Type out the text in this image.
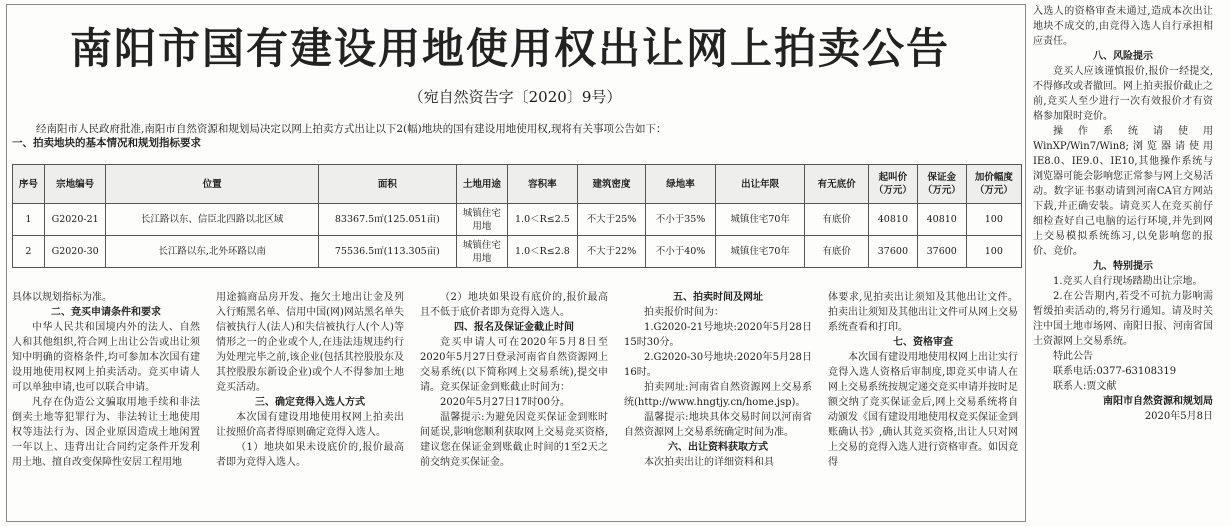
南阳市国有建设用地使用权出让网上拍卖公告
（宛自然资告字〔2020〕9号）
经南阳市人民政府批准,南阳市自然资源和规划局决定以网上拍卖方式出让以下2(幅)地块的国有建设用地使用权,现将有关事项公告如下：
一、拍卖地块的基本情况和规划指标要求
序号	宗地编号	位置	面积	土地用途	容积率	建筑密度	绿地率	出让年限	有无底价	起叫价（万元）	保证金（万元）	加价幅度（万元）
1	G2020-21	长江路以东、信臣北四路以北区域	83367.5㎡(125.051亩)	城镇住宅用地	1.0＜R≤2.5	不大于25%	不小于35%	城镇住宅70年	有底价	40810	40810	100
2	G2020-30	长江路以东,北外环路以南	75536.5㎡(113.305亩)	城镇住宅用地	1.0＜R≤2.8	不大于22%	不小于40%	城镇住宅70年	有底价	37600	37600	100

具体以规划指标为准。

二、竞买申请条件和要求

中华人民共和国境内外的法人、自然人和其他组织,符合网上出让公告或出让须知中明确的资格条件,均可参加本次国有建设用地使用权网上拍卖活动。竞买申请人可以单独申请,也可以联合申请。

凡存在伪造公文骗取用地手续和非法倒卖土地等犯罪行为、非法转让土地使用权等违法行为、因企业原因造成土地闲置一年以上、违背出让合同约定条件开发利用土地、擅自改变保障性安居工程用地

用途搞商品房开发、拖欠土地出让金及列入行贿黑名单、信用中国(网)网站黑名单失信被执行人(法人)和失信被执行人(个人)等情形之一的企业或个人,在违法违规违约行为处理完毕之前,该企业(包括其控股股东及其控股股东新设企业)或个人不得参加土地竞买活动。

三、确定竞得入选人方式

本次国有建设用地使用权网上拍卖出让按照价高者得原则确定竞得入选人。

（1）地块如果未设底价的,报价最高者即为竞得入选人。

（2）地块如果设有底价的,报价最高且不低于底价者即为竞得入选人。

四、报名及保证金截止时间

竞买申请人可在2020年5月8日至2020年5月27日登录河南省自然资源网上交易系统(以下简称网上交易系统),提交申请。竞买保证金到账截止时间为：

2020年5月27日17时00分。

温馨提示:为避免因竞买保证金到账时间延误,影响您顺利获取网上交易竞买资格,建议您在保证金到账截止时间的1至2天之前交纳竞买保证金。

五、拍卖时间及网址

拍卖报价时间为：

1.G2020-21号地块:2020年5月28日15时30分。

2.G2020-30号地块:2020年5月28日16时。

拍卖网址:河南省自然资源网上交易系统(http://www.hngtjy.cn/home.jsp)。

温馨提示:地块具体交易时间以河南省自然资源网上交易系统确定时间为准。

六、出让资料获取方式

本次拍卖出让的详细资料和具

体要求,见拍卖出让须知及其他出让文件。拍卖出让须知及其他出让文件可从网上交易系统查看和打印。

七、资格审查

本次国有建设用地使用权网上出让实行竞得入选人资格后审制度,即竞买申请人在网上交易系统按规定递交竞买申请并按时足额交纳了竞买保证金后,网上交易系统将自动颁发《国有建设用地使用权竞买保证金到账确认书》,确认其竞买资格,出让人只对网上交易的竞得入选人进行资格审查。如因竞得

入选人的资格审查未通过,造成本次出让地块不成交的,由竞得入选人自行承担相应责任。

八、风险提示

竞买人应该谨慎报价,报价一经提交,不得修改或者撤回。网上拍卖报价截止之前,竞买人至少进行一次有效报价才有资格参加限时竞价。

操作系统请使用WinXP/Win7/Win8;浏览器请使用IE8.0、IE9.0、IE10,其他操作系统与浏览器可能会影响您正常参与网上交易活动。数字证书驱动请到河南CA官方网站下载,并正确安装。请竞买人在竞买前仔细检查好自己电脑的运行环境,并先到网上交易模拟系统练习,以免影响您的报价、竞价。

九、特别提示

1.竞买人自行现场踏勘出让宗地。

2.在公告期内,若受不可抗力影响需暂缓拍卖活动的,将另行通知。请及时关注中国土地市场网、南阳日报、河南省国土资源网上交易系统。

特此公告

联系电话:0377-63108319

联系人:贾文献

南阳市自然资源和规划局

2020年5月8日
